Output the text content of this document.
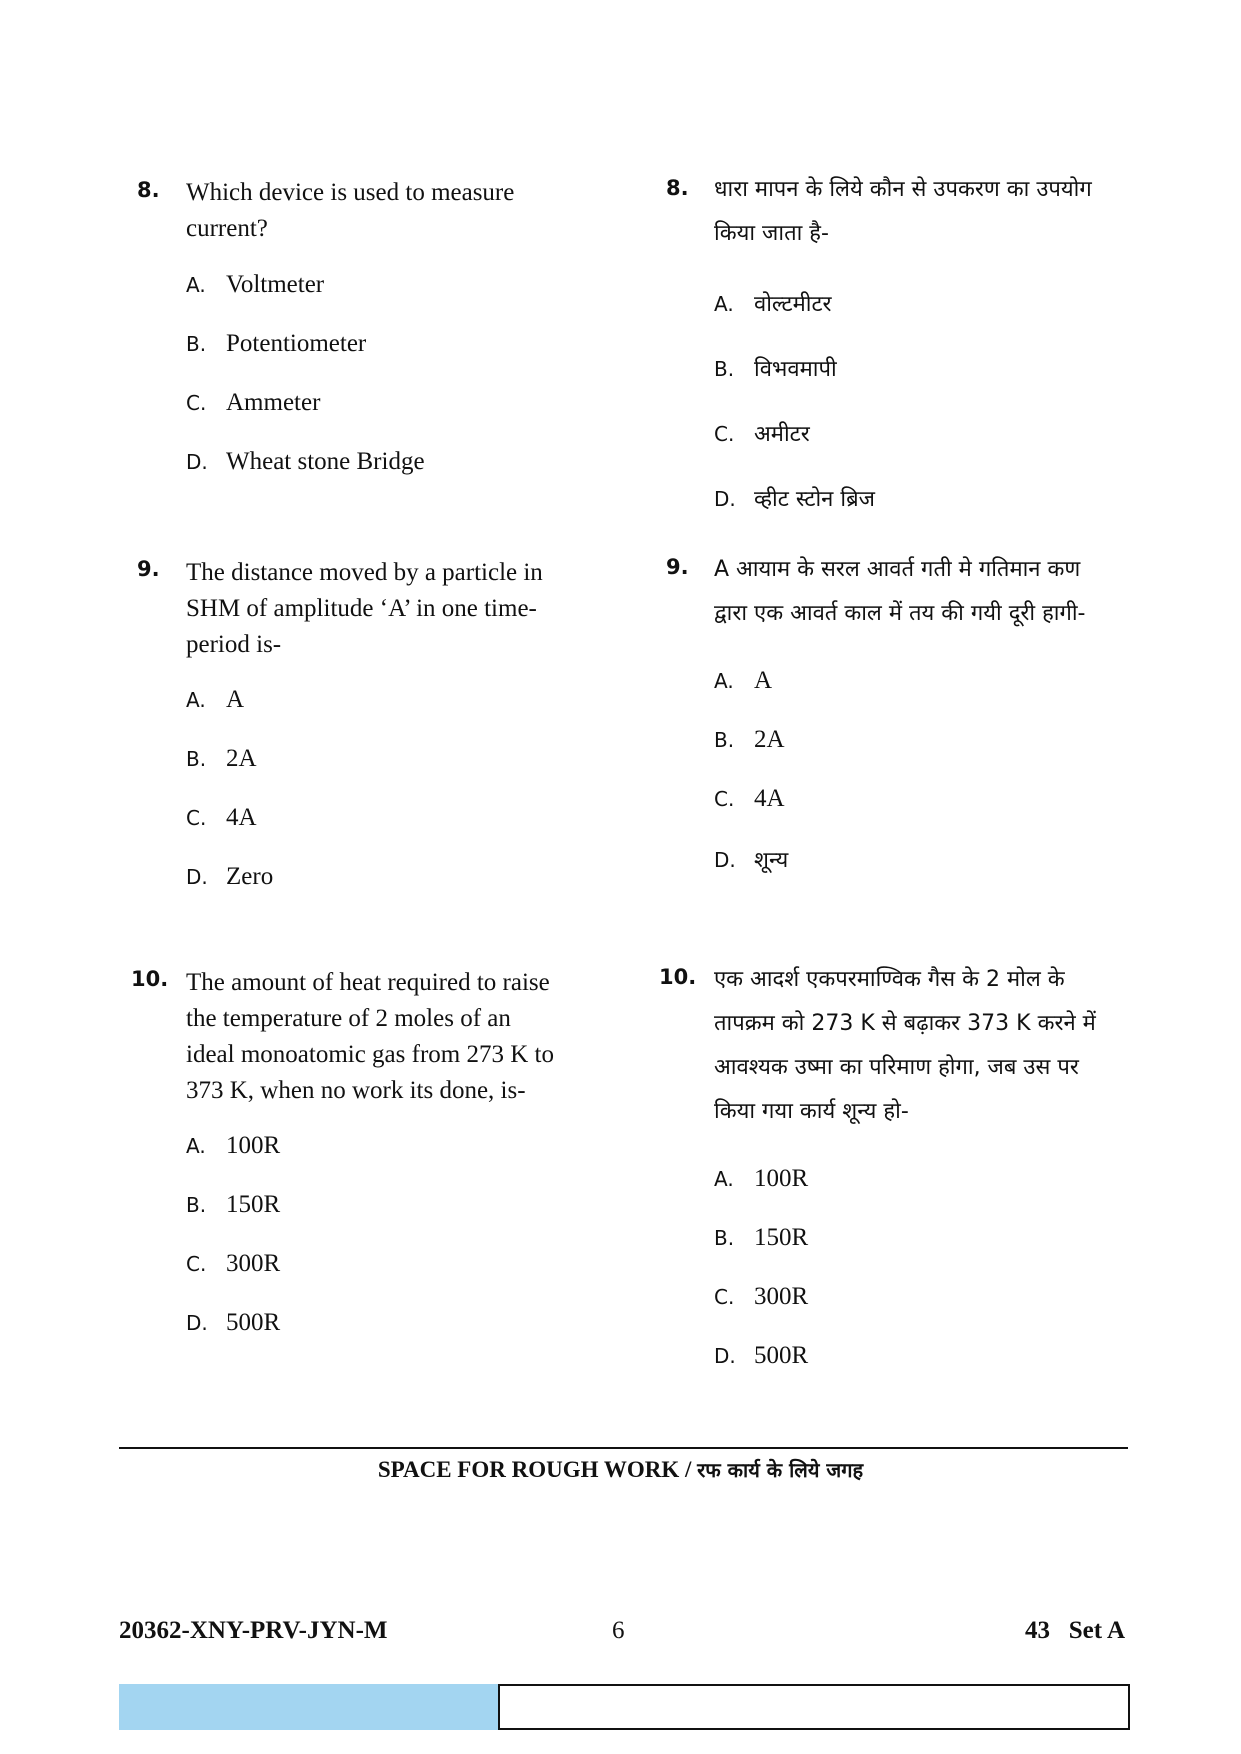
8. Which device is used to measure
current?
A. Voltmeter
B. Potentiometer
C. Ammeter
D. Wheat stone Bridge
9. The distance moved by a particle in
SHM of amplitude ‘A’ in one time-
period is-
A. A
B. 2A
C. 4A
D. Zero
10. The amount of heat required to raise
the temperature of 2 moles of an
ideal monoatomic gas from 273 K to
373 K, when no work its done, is-
A. 100R
B. 150R
C. 300R
D. 500R
8. धारा मापन के लिये कौन से उपकरण का उपयोग
किया जाता है-
A. वोल्टमीटर
B. विभवमापी
C. अमीटर
D. व्हीट स्टोन ब्रिज
9. A आयाम के सरल आवर्त गती मे गतिमान कण
द्वारा एक आवर्त काल में तय की गयी दूरी हागी-
A. A
B. 2A
C. 4A
D. शून्य
10. एक आदर्श एकपरमाण्विक गैस के 2 मोल के
तापक्रम को 273 K से बढ़ाकर 373 K करने में
आवश्यक उष्मा का परिमाण होगा, जब उस पर
किया गया कार्य शून्य हो-
A. 100R
B. 150R
C. 300R
D. 500R
SPACE FOR ROUGH WORK / रफ कार्य के लिये जगह
20362-XNY-PRV-JYN-M	6	43   Set A
